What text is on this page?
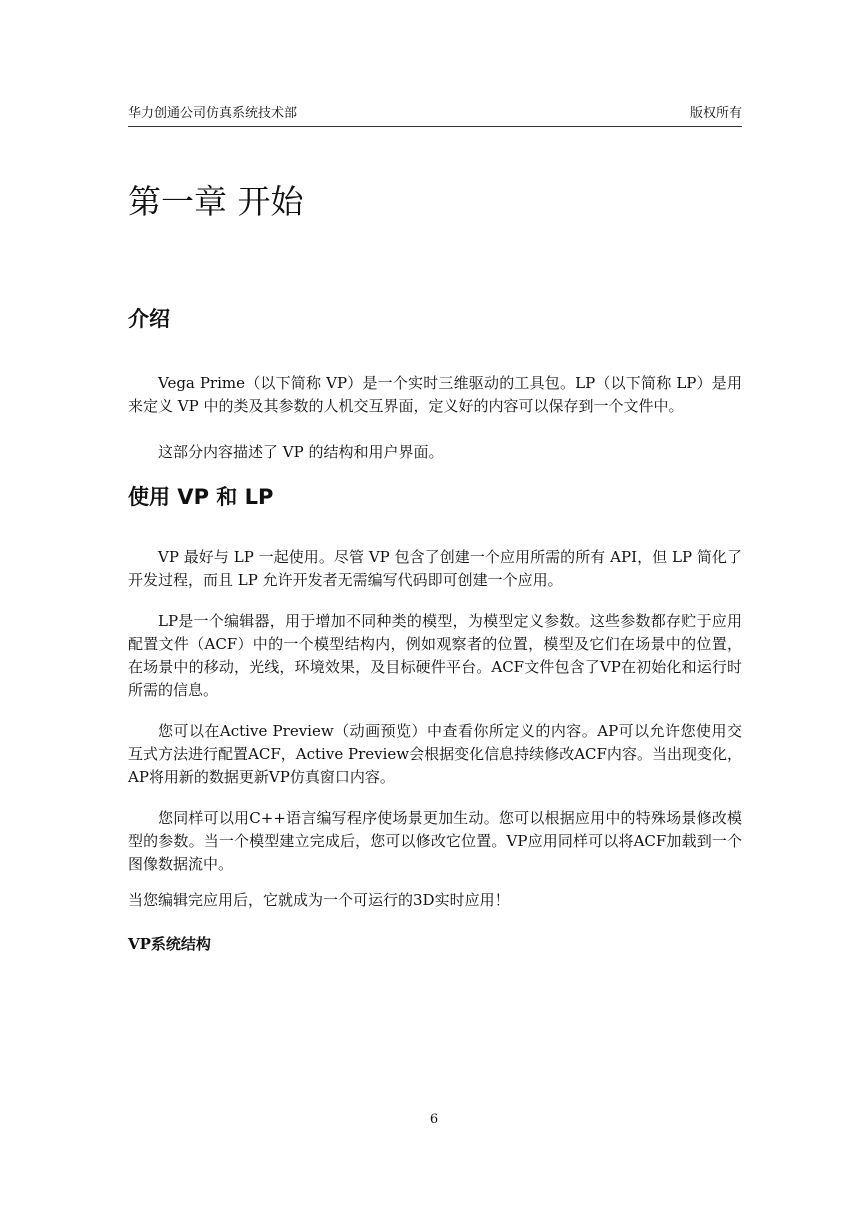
华力创通公司仿真系统技术部	版权所有
第一章 开始
介绍

Vega Prime（以下简称 VP）是一个实时三维驱动的工具包。LP（以下简称 LP）是用来定义 VP 中的类及其参数的人机交互界面，定义好的内容可以保存到一个文件中。

这部分内容描述了 VP 的结构和用户界面。

使用 VP 和 LP

VP 最好与 LP 一起使用。尽管 VP 包含了创建一个应用所需的所有 API，但 LP 简化了开发过程，而且 LP 允许开发者无需编写代码即可创建一个应用。

LP是一个编辑器，用于增加不同种类的模型，为模型定义参数。这些参数都存贮于应用配置文件（ACF）中的一个模型结构内，例如观察者的位置，模型及它们在场景中的位置，在场景中的移动，光线，环境效果，及目标硬件平台。ACF文件包含了VP在初始化和运行时所需的信息。

您可以在Active Preview（动画预览）中查看你所定义的内容。AP可以允许您使用交互式方法进行配置ACF，Active Preview会根据变化信息持续修改ACF内容。当出现变化，AP将用新的数据更新VP仿真窗口内容。

您同样可以用C++语言编写程序使场景更加生动。您可以根据应用中的特殊场景修改模型的参数。当一个模型建立完成后，您可以修改它位置。VP应用同样可以将ACF加载到一个图像数据流中。

当您编辑完应用后，它就成为一个可运行的3D实时应用！

VP系统结构
6
